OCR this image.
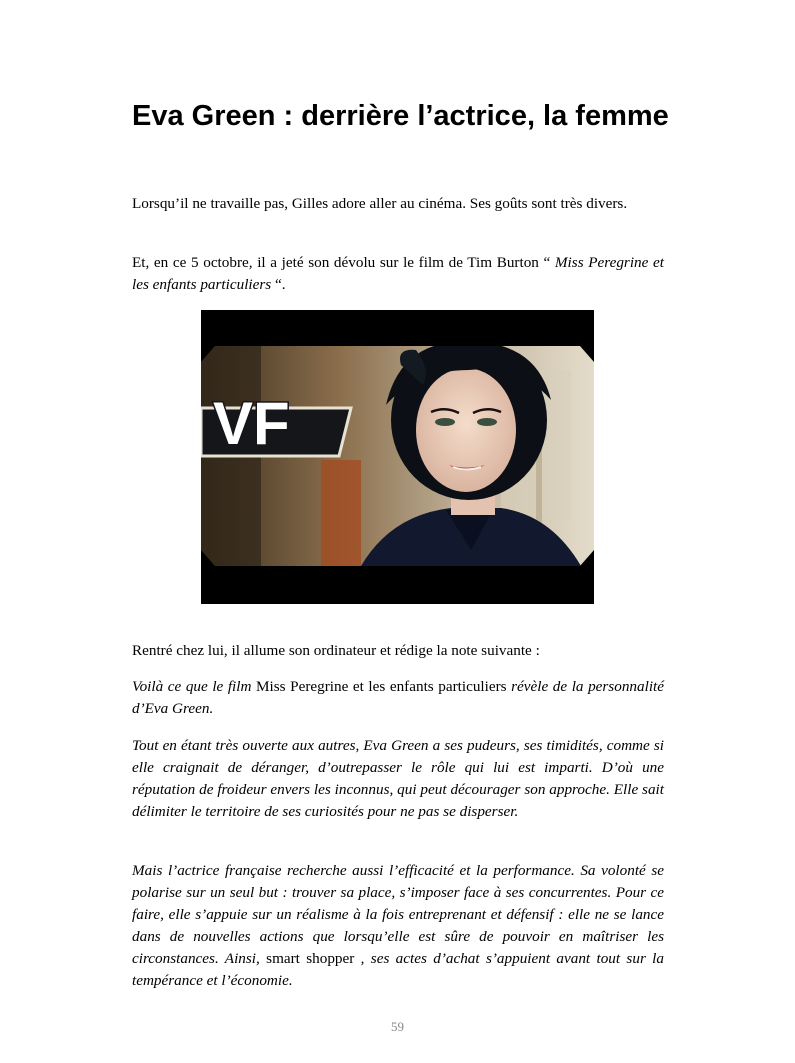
Eva Green : derrière l’actrice, la femme

Lorsqu’il ne travaille pas, Gilles adore aller au cinéma. Ses goûts sont très divers.

Et, en ce 5 octobre, il a jeté son dévolu sur le film de Tim Burton “ Miss Peregrine et les enfants particuliers “.

VF

Rentré chez lui, il allume son ordinateur et rédige la note suivante :

Voilà ce que le film Miss Peregrine et les enfants particuliers révèle de la personnalité d’Eva Green.

Tout en étant très ouverte aux autres, Eva Green a ses pudeurs, ses timidités, comme si elle craignait de déranger, d’outrepasser le rôle qui lui est imparti. D’où une réputation de froideur envers les inconnus, qui peut décourager son approche. Elle sait délimiter le territoire de ses curiosités pour ne pas se disperser.

Mais l’actrice française recherche aussi l’efficacité et la performance. Sa volonté se polarise sur un seul but : trouver sa place, s’imposer face à ses concurrentes. Pour ce faire, elle s’appuie sur un réalisme à la fois entreprenant et défensif : elle ne se lance dans de nouvelles actions que lorsqu’elle est sûre de pouvoir en maîtriser les circonstances. Ainsi, smart shopper , ses actes d’achat s’appuient avant tout sur la tempérance et l’économie.

59
